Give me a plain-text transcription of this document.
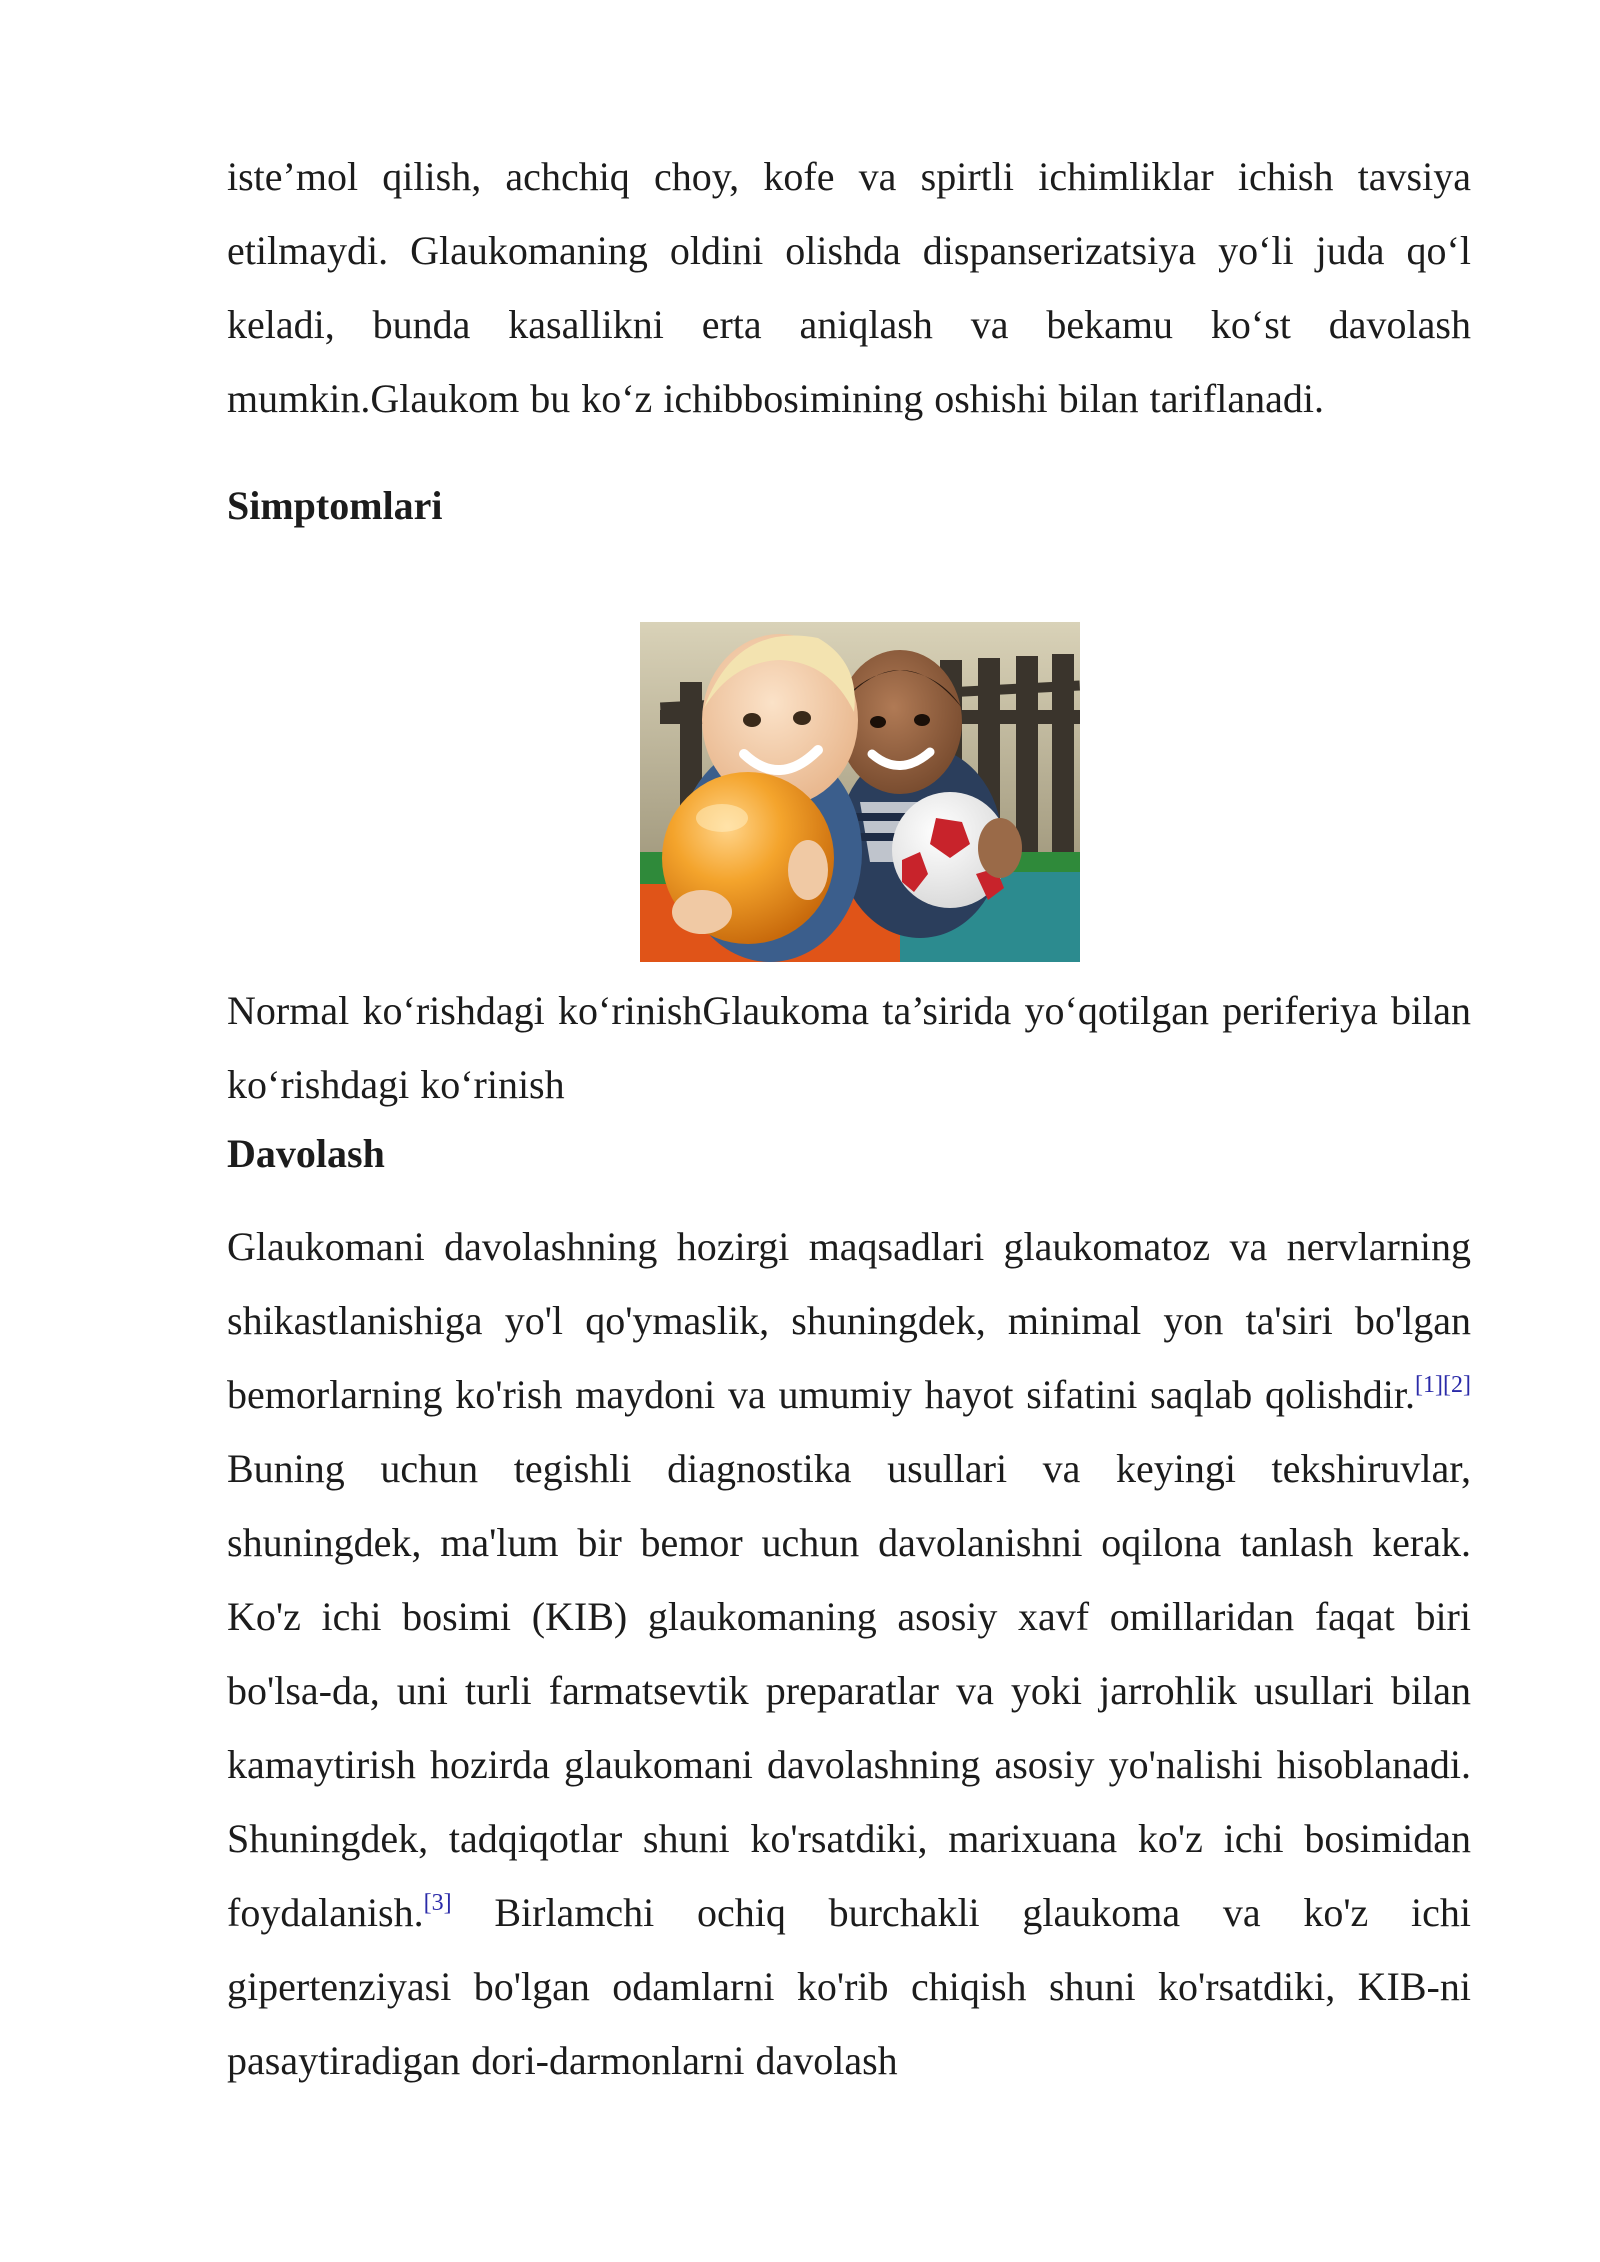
iste’mol qilish, achchiq choy, kofe va spirtli ichimliklar ichish tavsiya etilmaydi. Glaukomaning oldini olishda dispanserizatsiya yo‘li juda qo‘l keladi, bunda kasallikni erta aniqlash va bekamu ko‘st davolash mumkin.Glaukom bu ko‘z ichibbosimining oshishi bilan tariflanadi.

Simptomlari

Normal ko‘rishdagi ko‘rinishGlaukoma ta’sirida yo‘qotilgan periferiya bilan ko‘rishdagi ko‘rinish

Davolash

Glaukomani davolashning hozirgi maqsadlari glaukomatoz va nervlarning shikastlanishiga yo'l qo'ymaslik, shuningdek, minimal yon ta'siri bo'lgan bemorlarning ko'rish maydoni va umumiy hayot sifatini saqlab qolishdir.[1][2] Buning uchun tegishli diagnostika usullari va keyingi tekshiruvlar, shuningdek, ma'lum bir bemor uchun davolanishni oqilona tanlash kerak. Ko'z ichi bosimi (KIB) glaukomaning asosiy xavf omillaridan faqat biri bo'lsa-da, uni turli farmatsevtik preparatlar va yoki jarrohlik usullari bilan kamaytirish hozirda glaukomani davolashning asosiy yo'nalishi hisoblanadi. Shuningdek, tadqiqotlar shuni ko'rsatdiki, marixuana ko'z ichi bosimidan foydalanish.[3] Birlamchi ochiq burchakli glaukoma va ko'z ichi gipertenziyasi bo'lgan odamlarni ko'rib chiqish shuni ko'rsatdiki, KIB-ni pasaytiradigan dori-darmonlarni davolash
